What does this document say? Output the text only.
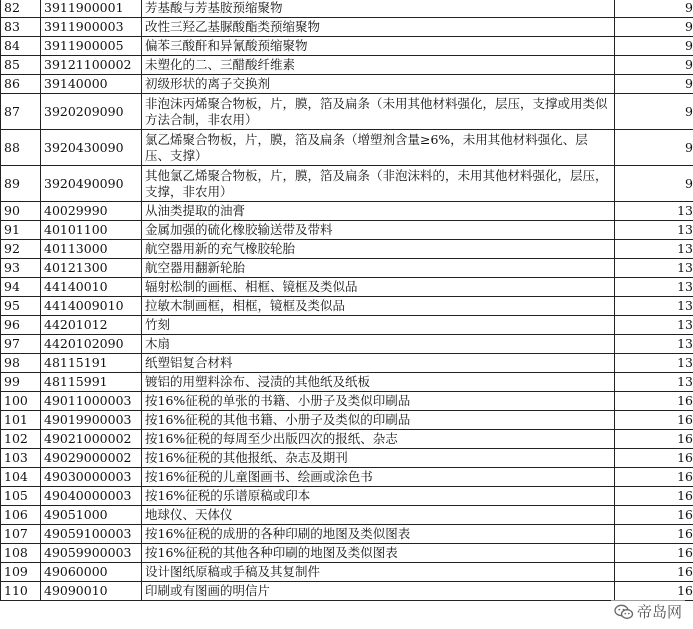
82	3911900001	芳基酸与芳基胺预缩聚物	9
83	3911900003	改性三羟乙基脲酸酯类预缩聚物	9
84	3911900005	偏苯三酸酐和异氰酸预缩聚物	9
85	39121100002	未塑化的二、三醋酸纤维素	9
86	39140000	初级形状的离子交换剂	9
87	3920209090	非泡沫丙烯聚合物板，片，膜，箔及扁条（未用其他材料强化，层压，支撑或用类似方法合制，非农用）	9
88	3920430090	氯乙烯聚合物板，片，膜，箔及扁条（增塑剂含量≥6%，未用其他材料强化、层压、支撑）	9
89	3920490090	其他氯乙烯聚合物板，片，膜，箔及扁条（非泡沫料的，未用其他材料强化，层压，支撑，非农用）	9
90	40029990	从油类提取的油膏	13
91	40101100	金属加强的硫化橡胶输送带及带料	13
92	40113000	航空器用新的充气橡胶轮胎	13
93	40121300	航空器用翻新轮胎	13
94	44140010	辐射松制的画框、相框、镜框及类似品	13
95	4414009010	拉敏木制画框，相框，镜框及类似品	13
96	44201012	竹刻	13
97	4420102090	木扇	13
98	48115191	纸塑铝复合材料	13
99	48115991	镀铝的用塑料涂布、浸渍的其他纸及纸板	13
100	49011000003	按16%征税的单张的书籍、小册子及类似印刷品	16
101	49019900003	按16%征税的其他书籍、小册子及类似的印刷品	16
102	49021000002	按16%征税的每周至少出版四次的报纸、杂志	16
103	49029000002	按16%征税的其他报纸、杂志及期刊	16
104	49030000003	按16%征税的儿童图画书、绘画或涂色书	16
105	49040000003	按16%征税的乐谱原稿或印本	16
106	49051000	地球仪、天体仪	16
107	49059100003	按16%征税的成册的各种印刷的地图及类似图表	16
108	49059900003	按16%征税的其他各种印刷的地图及类似图表	16
109	49060000	设计图纸原稿或手稿及其复制件	16
110	49090010	印刷或有图画的明信片	16
帝岛网
